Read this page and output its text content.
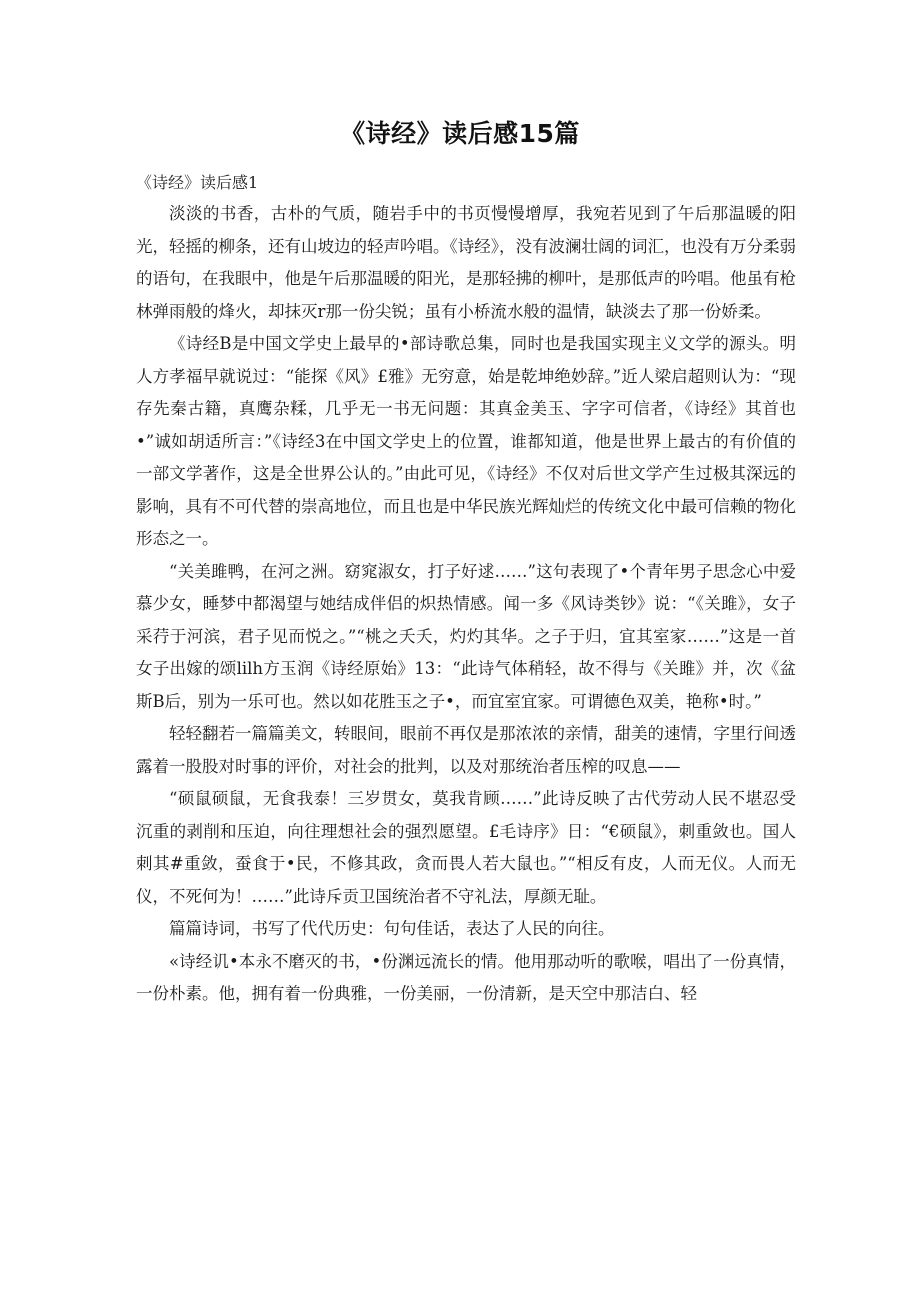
《诗经》读后感15篇
《诗经》读后感1

淡淡的书香，古朴的气质，随岩手中的书页慢慢增厚，我宛若见到了午后那温暖的阳光，轻摇的柳条，还有山坡边的轻声吟唱。《诗经》，没有波澜壮阔的词汇，也没有万分柔弱的语句，在我眼中，他是午后那温暖的阳光，是那轻拂的柳叶，是那低声的吟唱。他虽有枪林弹雨般的烽火，却抹灭r那一份尖锐；虽有小桥流水般的温情，缺淡去了那一份娇柔。

《诗经B是中国文学史上最早的•部诗歌总集，同时也是我国实现主义文学的源头。明人方孝福早就说过：“能探《风》£雅》无穷意，始是乾坤绝妙辞。”近人梁启超则认为：“现存先秦古籍，真鹰杂糅，几乎无一书无问题：其真金美玉、字字可信者，《诗经》其首也•”诚如胡适所言：”《诗经3在中国文学史上的位置，谁都知道，他是世界上最古的有价值的一部文学著作，这是全世界公认的。”由此可见，《诗经》不仅对后世文学产生过极其深远的影响，具有不可代替的崇高地位，而且也是中华民族光辉灿烂的传统文化中最可信赖的物化形态之一。

“关美雎鸭，在河之洲。窈窕淑女，打子好逑……”这句表现了•个青年男子思念心中爱慕少女，睡梦中都渴望与她结成伴侣的炽热情感。闻一多《风诗类钞》说：“《关雎》，女子采荇于河滨，君子见而悦之。”“桃之夭夭，灼灼其华。之子于归，宜其室家……”这是一首女子出嫁的颂lilh方玉润《诗经原始》13：“此诗气体稍轻，故不得与《关雎》并，次《盆斯B后，别为一乐可也。然以如花胜玉之子•，而宜室宜家。可谓德色双美，艳称•时。”

轻轻翻若一篇篇美文，转眼间，眼前不再仅是那浓浓的亲情，甜美的速情，字里行间透露着一股股对时事的评价，对社会的批判，以及对那统治者压榨的叹息——

“硕鼠硕鼠，无食我泰！三岁贯女，莫我肯顾……”此诗反映了古代劳动人民不堪忍受沉重的剥削和压迫，向往理想社会的强烈愿望。£毛诗序》日：“€硕鼠》，刺重敛也。国人刺其#重敛，蚕食于•民，不修其政，贪而畏人若大鼠也。”“相反有皮，人而无仪。人而无仪，不死何为！……”此诗斥贡卫国统治者不守礼法，厚颜无耻。

篇篇诗词，书写了代代历史：句句佳话，表达了人民的向往。

«诗经讥•本永不磨灭的书，•份渊远流长的情。他用那动听的歌喉，唱出了一份真情，一份朴素。他，拥有着一份典雅，一份美丽，一份清新，是天空中那洁白、轻
